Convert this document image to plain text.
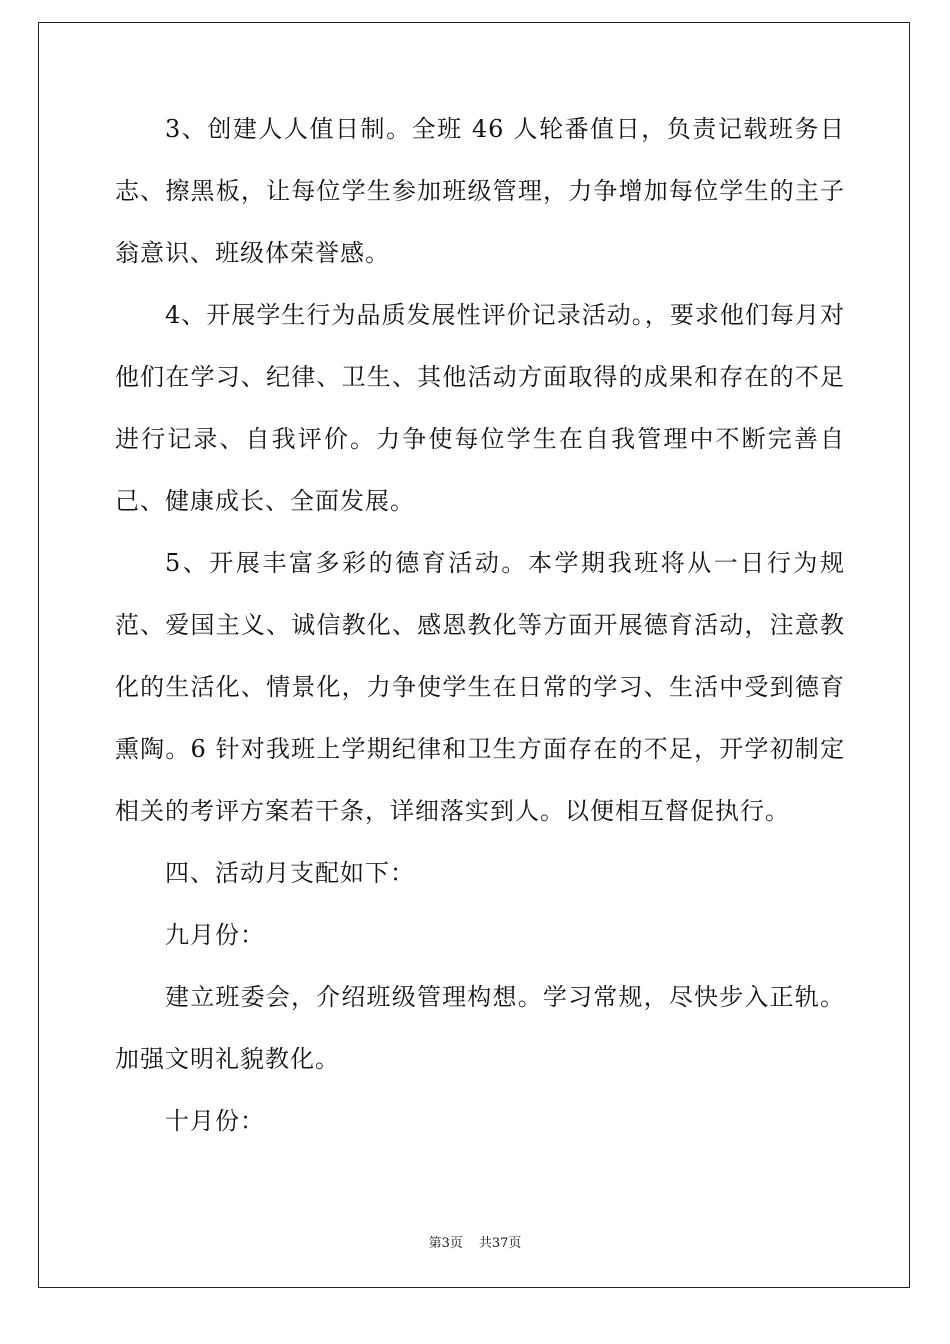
3、创建人人值日制。全班 46 人轮番值日，负责记载班务日志、擦黑板，让每位学生参加班级管理，力争增加每位学生的主子翁意识、班级体荣誉感。

4、开展学生行为品质发展性评价记录活动。，要求他们每月对他们在学习、纪律、卫生、其他活动方面取得的成果和存在的不足进行记录、自我评价。力争使每位学生在自我管理中不断完善自己、健康成长、全面发展。

5、开展丰富多彩的德育活动。本学期我班将从一日行为规范、爱国主义、诚信教化、感恩教化等方面开展德育活动，注意教化的生活化、情景化，力争使学生在日常的学习、生活中受到德育熏陶。6 针对我班上学期纪律和卫生方面存在的不足，开学初制定相关的考评方案若干条，详细落实到人。以便相互督促执行。

四、活动月支配如下：

九月份：

建立班委会，介绍班级管理构想。学习常规，尽快步入正轨。加强文明礼貌教化。

十月份：

第3页 共37页
